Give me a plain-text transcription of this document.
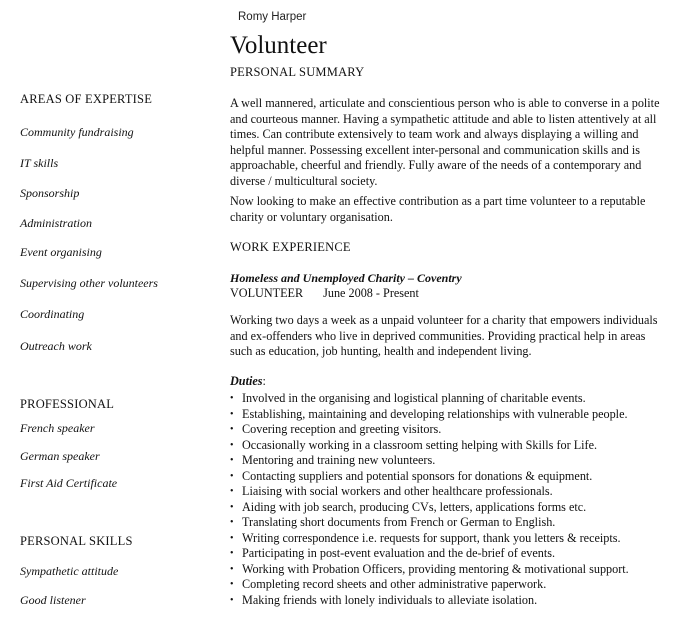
Romy Harper
Volunteer
PERSONAL SUMMARY
AREAS OF EXPERTISE
Community fundraising
IT skills
Sponsorship
Administration
Event organising
Supervising other volunteers
Coordinating
Outreach work
PROFESSIONAL
French speaker
German speaker
First Aid Certificate
PERSONAL SKILLS
Sympathetic attitude
Good listener
A well mannered, articulate and conscientious person who is able to converse in a polite and courteous manner. Having a sympathetic attitude and able to listen attentively at all times. Can contribute extensively to team work and always displaying a willing and helpful manner. Possessing excellent inter-personal and communication skills and is approachable, cheerful and friendly. Fully aware of the needs of a contemporary and diverse / multicultural society.
Now looking to make an effective contribution as a part time volunteer to a reputable charity or voluntary organisation.
WORK EXPERIENCE
Homeless and Unemployed Charity – Coventry
VOLUNTEER June 2008 - Present
Working two days a week as a unpaid volunteer for a charity that empowers individuals and ex-offenders who live in deprived communities. Providing practical help in areas such as education, job hunting, health and independent living.
Duties:
• Involved in the organising and logistical planning of charitable events.
• Establishing, maintaining and developing relationships with vulnerable people.
• Covering reception and greeting visitors.
• Occasionally working in a classroom setting helping with Skills for Life.
• Mentoring and training new volunteers.
• Contacting suppliers and potential sponsors for donations & equipment.
• Liaising with social workers and other healthcare professionals.
• Aiding with job search, producing CVs, letters, applications forms etc.
• Translating short documents from French or German to English.
• Writing correspondence i.e. requests for support, thank you letters & receipts.
• Participating in post-event evaluation and the de-brief of events.
• Working with Probation Officers, providing mentoring & motivational support.
• Completing record sheets and other administrative paperwork.
• Making friends with lonely individuals to alleviate isolation.
